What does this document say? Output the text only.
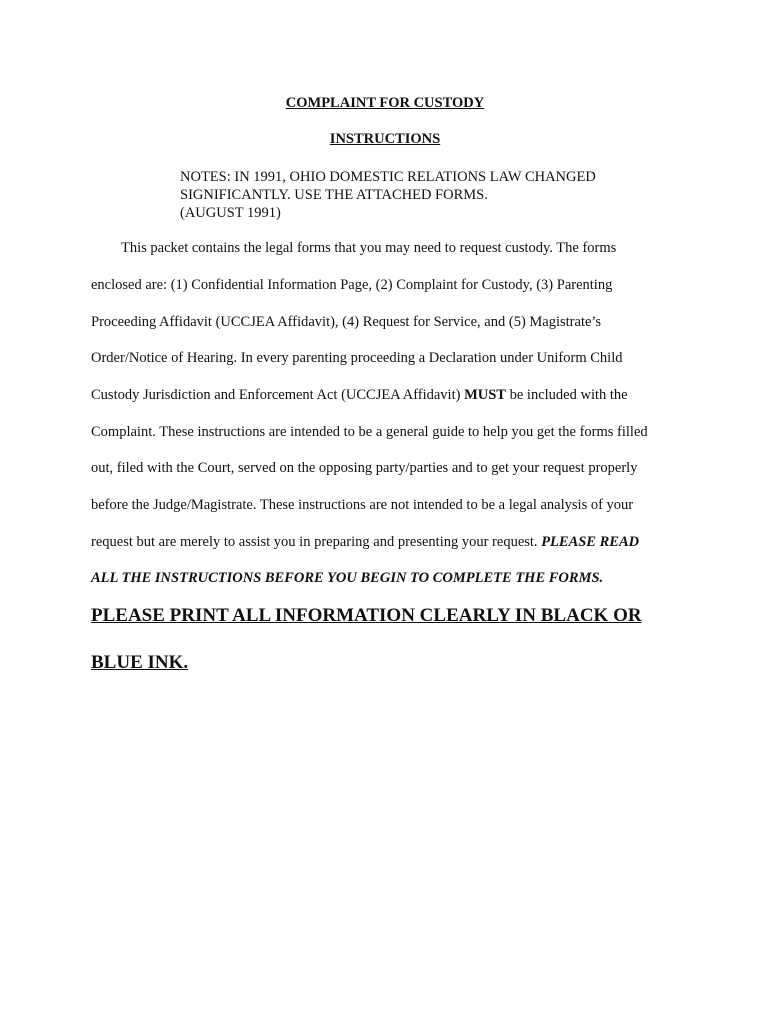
COMPLAINT FOR CUSTODY
INSTRUCTIONS
NOTES: IN 1991, OHIO DOMESTIC RELATIONS LAW CHANGED
SIGNIFICANTLY. USE THE ATTACHED FORMS.
(AUGUST 1991)
This packet contains the legal forms that you may need to request custody. The forms
enclosed are: (1) Confidential Information Page, (2) Complaint for Custody, (3) Parenting
Proceeding Affidavit (UCCJEA Affidavit), (4) Request for Service, and (5) Magistrate’s
Order/Notice of Hearing. In every parenting proceeding a Declaration under Uniform Child
Custody Jurisdiction and Enforcement Act (UCCJEA Affidavit) MUST be included with the
Complaint. These instructions are intended to be a general guide to help you get the forms filled
out, filed with the Court, served on the opposing party/parties and to get your request properly
before the Judge/Magistrate. These instructions are not intended to be a legal analysis of your
request but are merely to assist you in preparing and presenting your request. PLEASE READ
ALL THE INSTRUCTIONS BEFORE YOU BEGIN TO COMPLETE THE FORMS.
PLEASE PRINT ALL INFORMATION CLEARLY IN BLACK OR
BLUE INK.
